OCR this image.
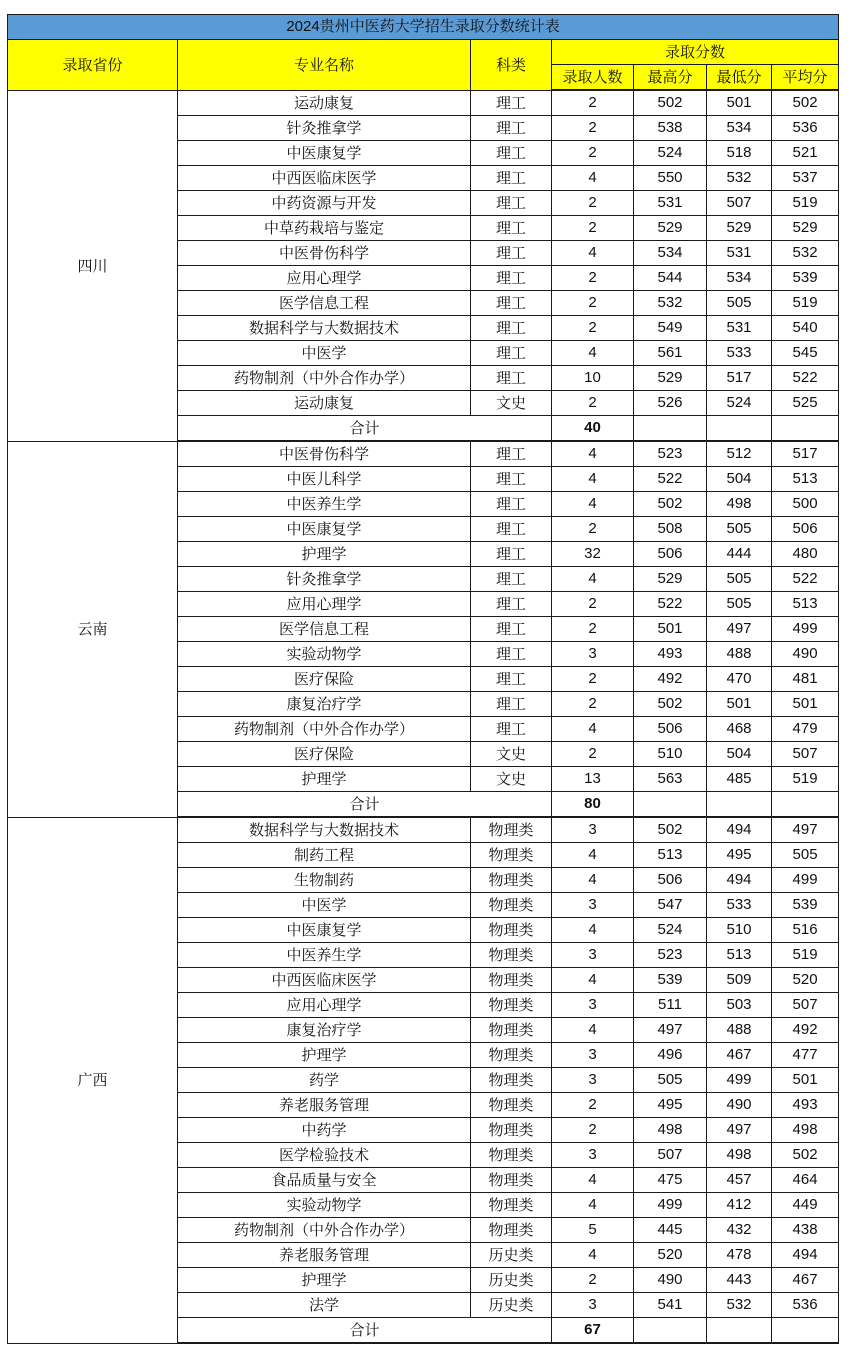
2024贵州中医药大学招生录取分数统计表						
录取省份	专业名称	科类	录取分数			
			录取人数	最高分	最低分	平均分
四川	运动康复	理工	2	502	501	502
	针灸推拿学	理工	2	538	534	536
	中医康复学	理工	2	524	518	521
	中西医临床医学	理工	4	550	532	537
	中药资源与开发	理工	2	531	507	519
	中草药栽培与鉴定	理工	2	529	529	529
	中医骨伤科学	理工	4	534	531	532
	应用心理学	理工	2	544	534	539
	医学信息工程	理工	2	532	505	519
	数据科学与大数据技术	理工	2	549	531	540
	中医学	理工	4	561	533	545
	药物制剂（中外合作办学）	理工	10	529	517	522
	运动康复	文史	2	526	524	525
	合计		40			
云南	中医骨伤科学	理工	4	523	512	517
	中医儿科学	理工	4	522	504	513
	中医养生学	理工	4	502	498	500
	中医康复学	理工	2	508	505	506
	护理学	理工	32	506	444	480
	针灸推拿学	理工	4	529	505	522
	应用心理学	理工	2	522	505	513
	医学信息工程	理工	2	501	497	499
	实验动物学	理工	3	493	488	490
	医疗保险	理工	2	492	470	481
	康复治疗学	理工	2	502	501	501
	药物制剂（中外合作办学）	理工	4	506	468	479
	医疗保险	文史	2	510	504	507
	护理学	文史	13	563	485	519
	合计		80			
广西	数据科学与大数据技术	物理类	3	502	494	497
	制药工程	物理类	4	513	495	505
	生物制药	物理类	4	506	494	499
	中医学	物理类	3	547	533	539
	中医康复学	物理类	4	524	510	516
	中医养生学	物理类	3	523	513	519
	中西医临床医学	物理类	4	539	509	520
	应用心理学	物理类	3	511	503	507
	康复治疗学	物理类	4	497	488	492
	护理学	物理类	3	496	467	477
	药学	物理类	3	505	499	501
	养老服务管理	物理类	2	495	490	493
	中药学	物理类	2	498	497	498
	医学检验技术	物理类	3	507	498	502
	食品质量与安全	物理类	4	475	457	464
	实验动物学	物理类	4	499	412	449
	药物制剂（中外合作办学）	物理类	5	445	432	438
	养老服务管理	历史类	4	520	478	494
	护理学	历史类	2	490	443	467
	法学	历史类	3	541	532	536
	合计		67			
